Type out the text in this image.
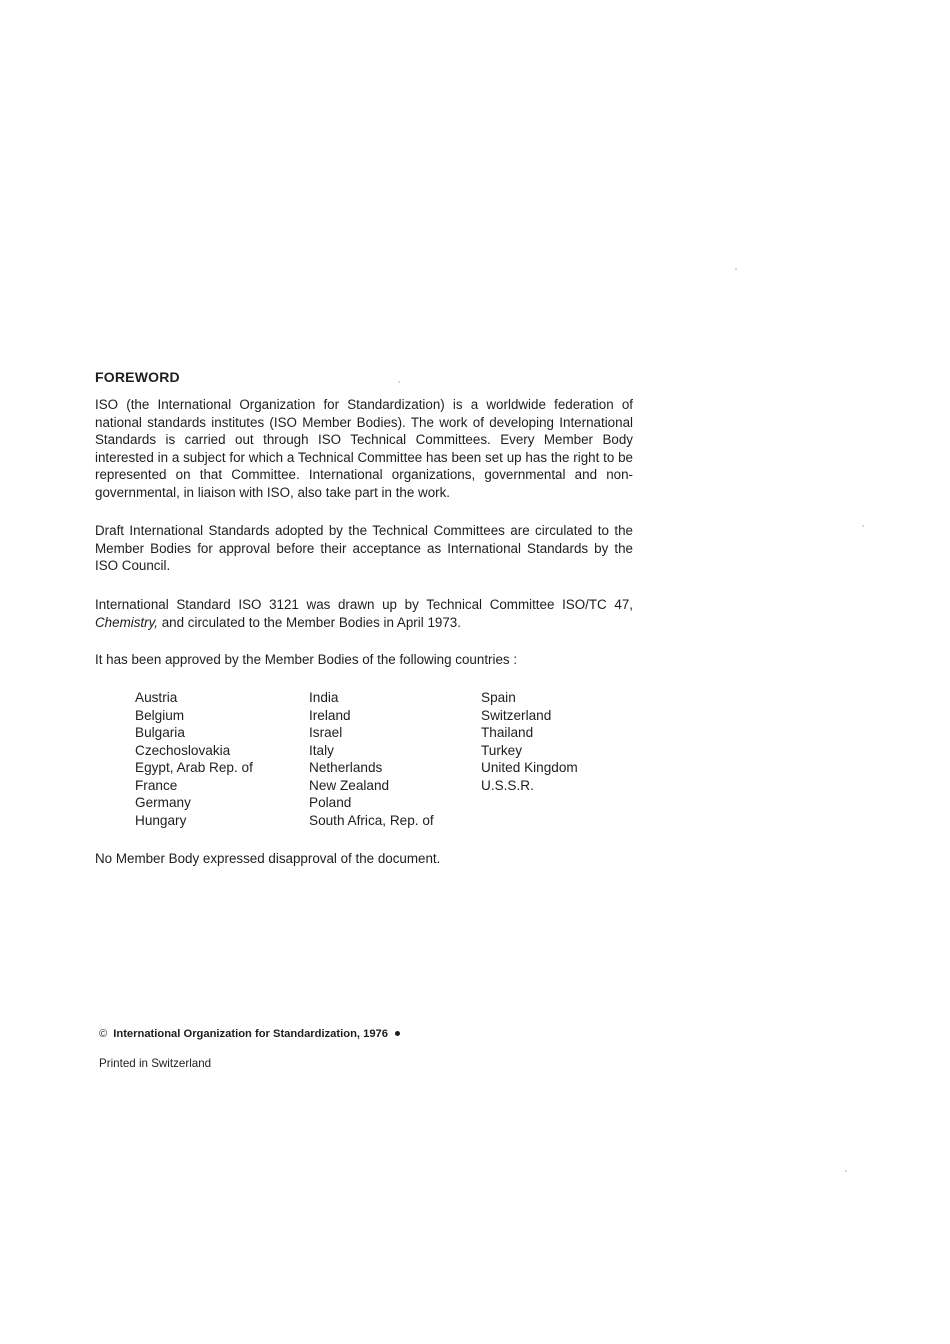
FOREWORD

ISO (the International Organization for Standardization) is a worldwide federation of national standards institutes (ISO Member Bodies). The work of developing International Standards is carried out through ISO Technical Committees. Every Member Body interested in a subject for which a Technical Committee has been set up has the right to be represented on that Committee. International organizations, governmental and non-governmental, in liaison with ISO, also take part in the work.

Draft International Standards adopted by the Technical Committees are circulated to the Member Bodies for approval before their acceptance as International Standards by the ISO Council.

International Standard ISO 3121 was drawn up by Technical Committee ISO/TC 47, Chemistry, and circulated to the Member Bodies in April 1973.

It has been approved by the Member Bodies of the following countries :

Austria
Belgium
Bulgaria
Czechoslovakia
Egypt, Arab Rep. of
France
Germany
Hungary
India
Ireland
Israel
Italy
Netherlands
New Zealand
Poland
South Africa, Rep. of
Spain
Switzerland
Thailand
Turkey
United Kingdom
U.S.S.R.

No Member Body expressed disapproval of the document.

© International Organization for Standardization, 1976
Printed in Switzerland
